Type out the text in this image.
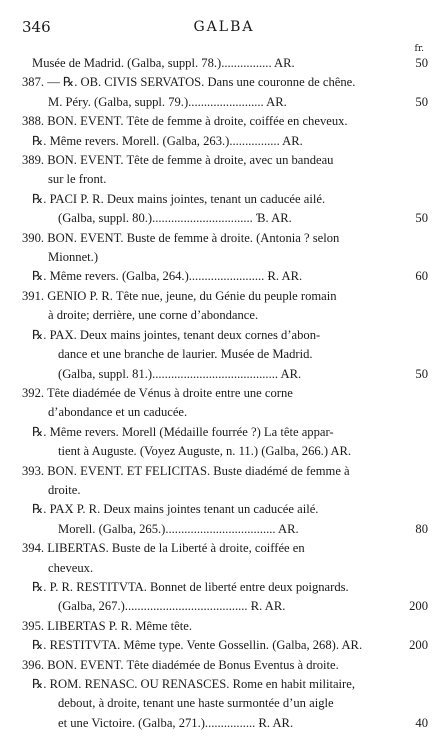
346	GALBA
fr.
Musée de Madrid. (Galba, suppl. 78.)................ AR.	50
387. — ℞. OB. CIVIS SERVATOS. Dans une couronne de chêne.
M. Péry. (Galba, suppl. 79.)........................ AR.	50
388. BON. EVENT. Tête de femme à droite, coiffée en cheveux.
℞. Même revers. Morell. (Galba, 263.)................ AR.
389. BON. EVENT. Tête de femme à droite, avec un bandeau
sur le front.
℞. PACI P. R. Deux mains jointes, tenant un caducée ailé.
(Galba, suppl. 80.)................................ Ɓ. AR.	50
390. BON. EVENT. Buste de femme à droite. (Antonia ? selon
Mionnet.)
℞. Même revers. (Galba, 264.)........................ Ɍ. AR.	60
391. GENIO P. R. Tête nue, jeune, du Génie du peuple romain
à droite; derrière, une corne d’abondance.
℞. PAX. Deux mains jointes, tenant deux cornes d’abon-
dance et une branche de laurier. Musée de Madrid.
(Galba, suppl. 81.)........................................ AR.	50
392. Tête diadémée de Vénus à droite entre une corne
d’abondance et un caducée.
℞. Même revers. Morell (Médaille fourrée ?) La tête appar-
tient à Auguste. (Voyez Auguste, n. 11.) (Galba, 266.) AR.
393. BON. EVENT. ET FELICITAS. Buste diadémé de femme à
droite.
℞. PAX P. R. Deux mains jointes tenant un caducée ailé.
Morell. (Galba, 265.)................................... AR.	80
394. LIBERTAS. Buste de la Liberté à droite, coiffée en
cheveux.
℞. P. R. RESTITVTA. Bonnet de liberté entre deux poignards.
(Galba, 267.)....................................... Ɍ. AR.	200
395. LIBERTAS P. R. Même tête.
℞. RESTITVTA. Même type. Vente Gossellin. (Galba, 268). AR.	200
396. BON. EVENT. Tête diadémée de Bonus Eventus à droite.
℞. ROM. RENASC. OU RENASCES. Rome en habit militaire,
debout, à droite, tenant une haste surmontée d’un aigle
et une Victoire. (Galba, 271.)................ Ɍ. AR.	40
